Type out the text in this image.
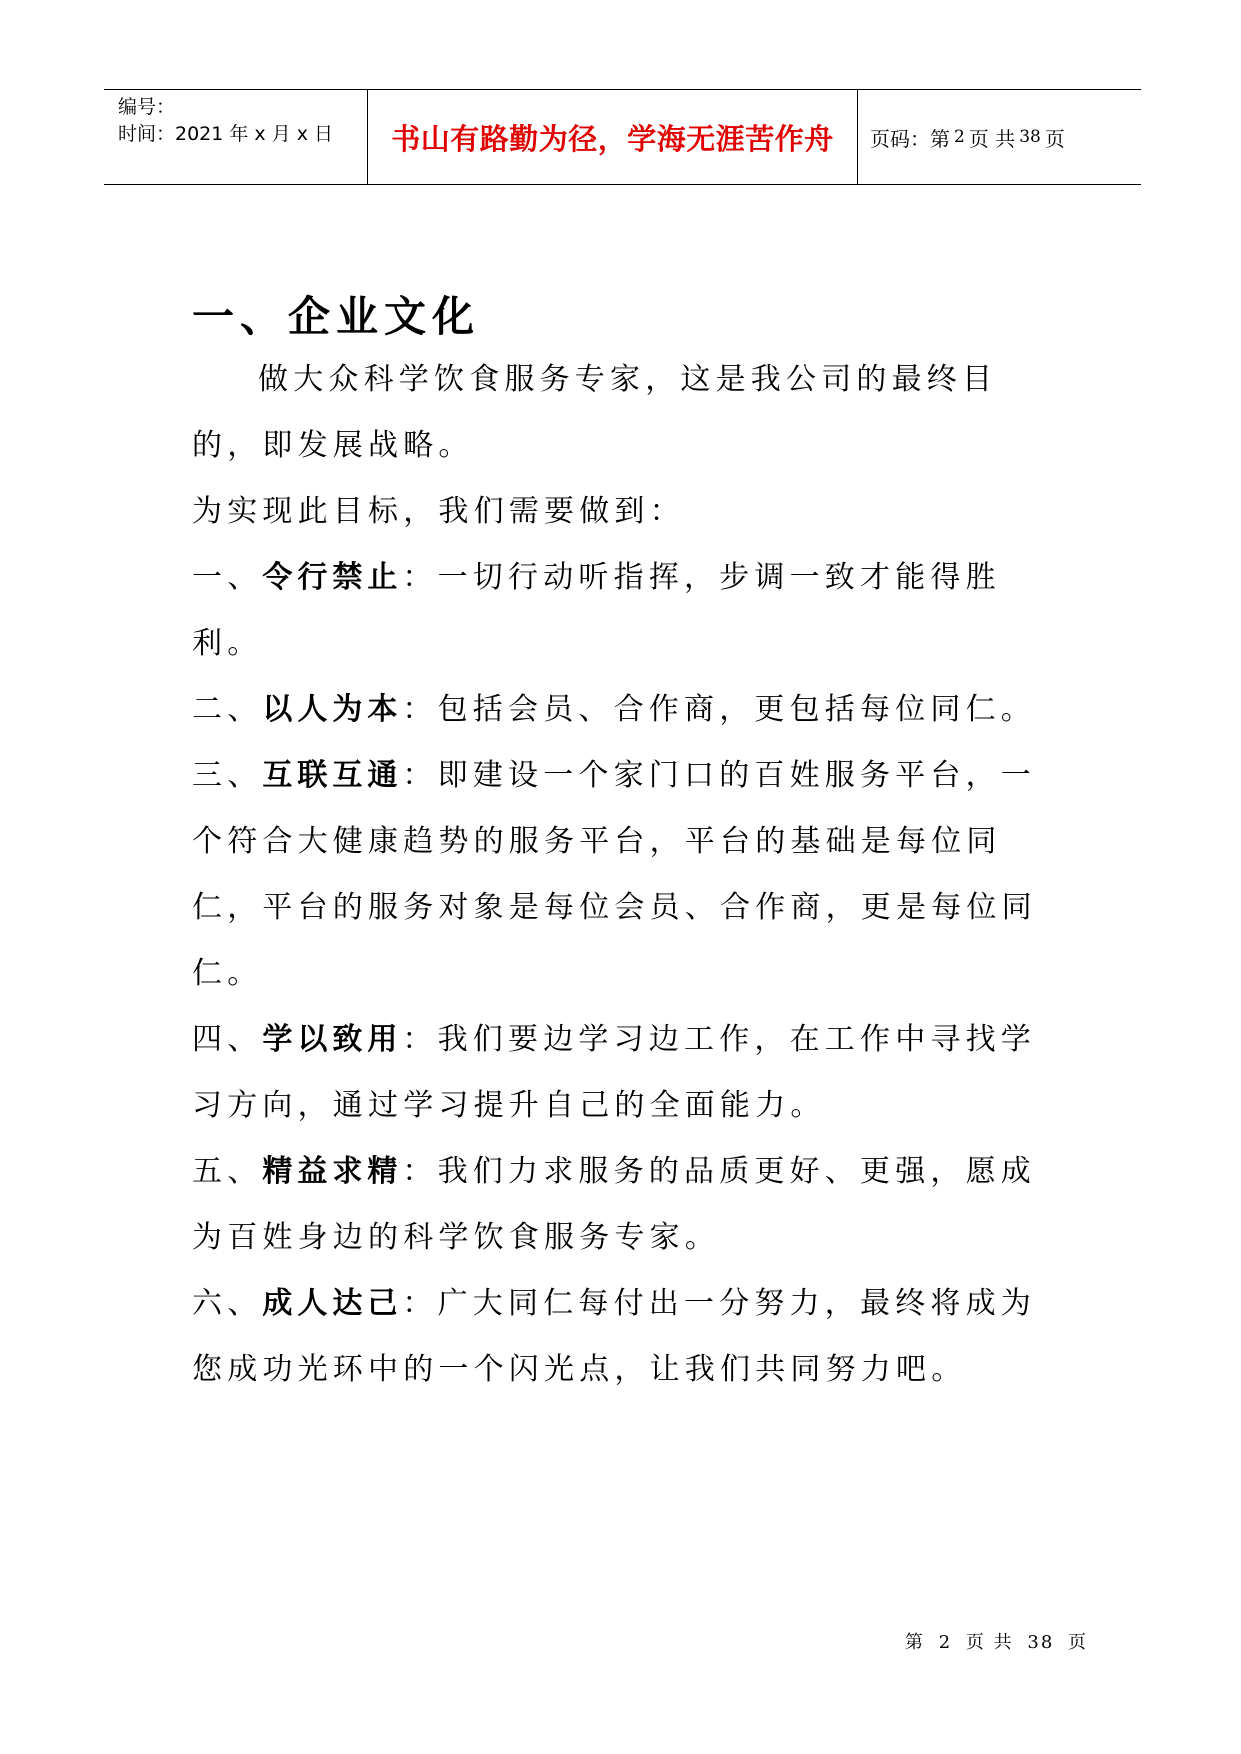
编号：
时间：2021 年 x 月 x 日	书山有路勤为径，学海无涯苦作舟 页码：第 2 页 共 38 页
一、企业文化

做大众科学饮食服务专家，这是我公司的最终目的，即发展战略。

为实现此目标，我们需要做到：

一、令行禁止：一切行动听指挥，步调一致才能得胜利。

二、以人为本：包括会员、合作商，更包括每位同仁。

三、互联互通：即建设一个家门口的百姓服务平台，一个符合大健康趋势的服务平台，平台的基础是每位同仁，平台的服务对象是每位会员、合作商，更是每位同仁。

四、学以致用：我们要边学习边工作，在工作中寻找学习方向，通过学习提升自己的全面能力。

五、精益求精：我们力求服务的品质更好、更强，愿成为百姓身边的科学饮食服务专家。

六、成人达己：广大同仁每付出一分努力，最终将成为您成功光环中的一个闪光点，让我们共同努力吧。

第 2 页 共 38 页
